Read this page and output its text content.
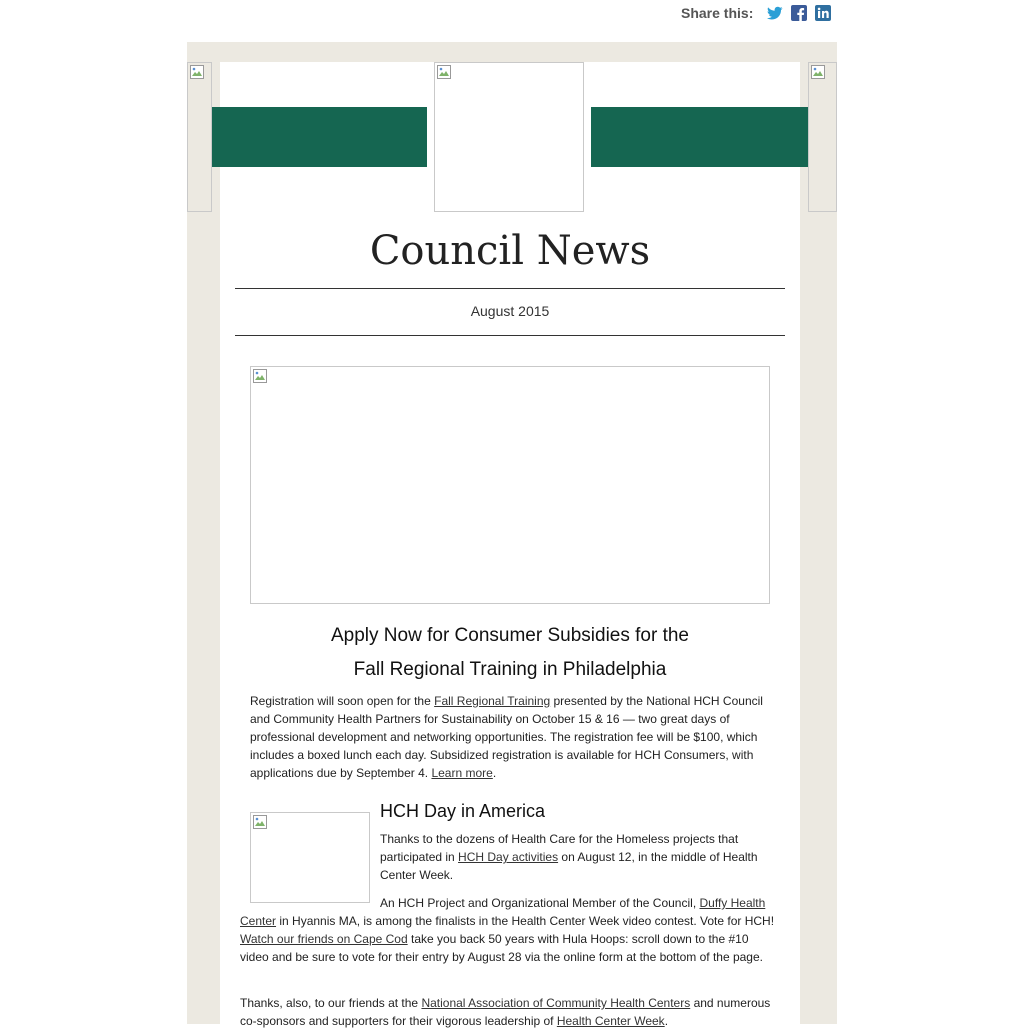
Share this:
Council News
August 2015
Apply Now for Consumer Subsidies for the
Fall Regional Training in Philadelphia
Registration will soon open for the Fall Regional Training presented by the National HCH Council and Community Health Partners for Sustainability on October 15 & 16 — two great days of professional development and networking opportunities. The registration fee will be $100, which includes a boxed lunch each day. Subsidized registration is available for HCH Consumers, with applications due by September 4. Learn more.
HCH Day in America
Thanks to the dozens of Health Care for the Homeless projects that participated in HCH Day activities on August 12, in the middle of Health Center Week.
An HCH Project and Organizational Member of the Council, Duffy Health Center in Hyannis MA, is among the finalists in the Health Center Week video contest. Vote for HCH! Watch our friends on Cape Cod take you back 50 years with Hula Hoops: scroll down to the #10 video and be sure to vote for their entry by August 28 via the online form at the bottom of the page.
Thanks, also, to our friends at the National Association of Community Health Centers and numerous co-sponsors and supporters for their vigorous leadership of Health Center Week.
